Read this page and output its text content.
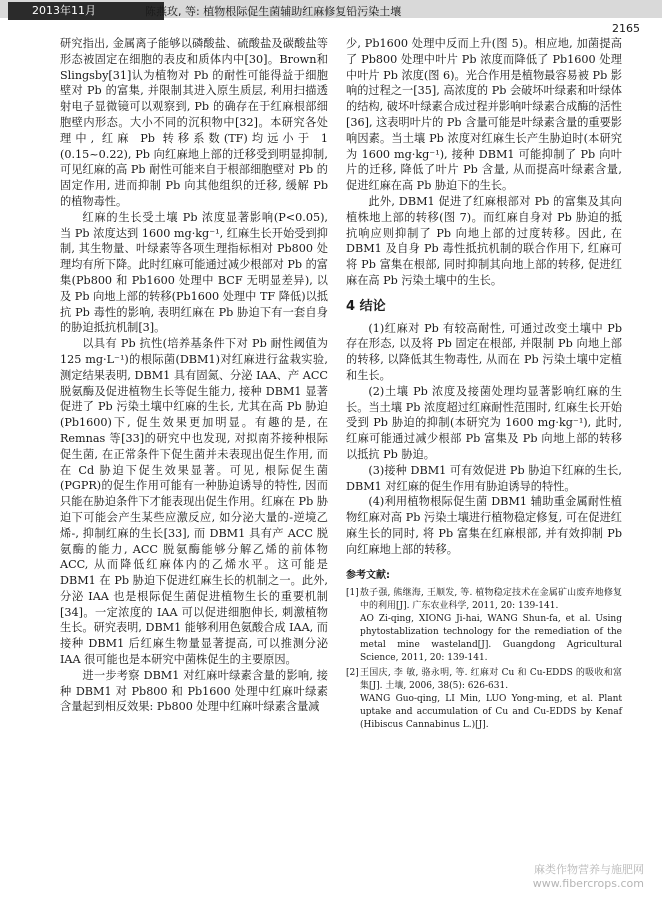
2013年11月	陈燕玫, 等: 植物根际促生菌辅助红麻修复铅污染土壤
2165

研究指出, 金属离子能够以磷酸盐、硫酸盐及碳酸盐等形态被固定在细胞的表皮和质体内中[30]。Brown和 Slingsby[31]认为植物对 Pb 的耐性可能得益于细胞壁对 Pb 的富集, 并限制其进入原生质层, 利用扫描透射电子显微镜可以观察到, Pb 的确存在于红麻根部细胞壁内形态。大小不同的沉积物中[32]。本研究各处理中, 红麻 Pb 转移系数(TF)均远小于 1 (0.15~0.22), Pb 向红麻地上部的迁移受到明显抑制, 可见红麻的高 Pb 耐性可能来自于根部细胞壁对 Pb 的固定作用, 进而抑制 Pb 向其他组织的迁移, 缓解 Pb 的植物毒性。

红麻的生长受土壤 Pb 浓度显著影响(P<0.05), 当 Pb 浓度达到 1600 mg·kg⁻¹, 红麻生长开始受到抑制, 其生物量、叶绿素等各项生理指标相对 Pb800 处理均有所下降。此时红麻可能通过减少根部对 Pb 的富集(Pb800 和 Pb1600 处理中 BCF 无明显差异), 以及 Pb 向地上部的转移(Pb1600 处理中 TF 降低)以抵抗 Pb 毒性的影响, 表明红麻在 Pb 胁迫下有一套自身的胁迫抵抗机制[3]。

以具有 Pb 抗性(培养基条件下对 Pb 耐性阈值为 125 mg·L⁻¹)的根际菌(DBM1)对红麻进行盆栽实验, 测定结果表明, DBM1 具有固氮、分泌 IAA、产 ACC 脱氨酶及促进植物生长等促生能力, 接种 DBM1 显著促进了 Pb 污染土壤中红麻的生长, 尤其在高 Pb 胁迫(Pb1600)下, 促生效果更加明显。有趣的是, 在 Remnas 等[33]的研究中也发现, 对拟南芥接种根际促生菌, 在正常条件下促生菌并未表现出促生作用, 而在 Cd 胁迫下促生效果显著。可见, 根际促生菌(PGPR)的促生作用可能有一种胁迫诱导的特性, 因而只能在胁迫条件下才能表现出促生作用。红麻在 Pb 胁迫下可能会产生某些应激反应, 如分泌大量的-逆境乙烯-, 抑制红麻的生长[33], 而 DBM1 具有产 ACC 脱氨酶的能力, ACC 脱氨酶能够分解乙烯的前体物 ACC, 从而降低红麻体内的乙烯水平。这可能是 DBM1 在 Pb 胁迫下促进红麻生长的机制之一。此外, 分泌 IAA 也是根际促生菌促进植物生长的重要机制[34]。一定浓度的 IAA 可以促进细胞伸长, 刺激植物生长。研究表明, DBM1 能够利用色氨酸合成 IAA, 而接种 DBM1 后红麻生物量显著提高, 可以推测分泌 IAA 很可能也是本研究中菌株促生的主要原因。

进一步考察 DBM1 对红麻叶绿素含量的影响, 接种 DBM1 对 Pb800 和 Pb1600 处理中红麻叶绿素含量起到相反效果: Pb800 处理中红麻叶绿素含量减

少, Pb1600 处理中反而上升(图 5)。相应地, 加菌提高了 Pb800 处理中叶片 Pb 浓度而降低了 Pb1600 处理中叶片 Pb 浓度(图 6)。光合作用是植物最容易被 Pb 影响的过程之一[35], 高浓度的 Pb 会破坏叶绿素和叶绿体的结构, 破坏叶绿素合成过程并影响叶绿素合成酶的活性[36], 这表明叶片的 Pb 含量可能是叶绿素含量的重要影响因素。当土壤 Pb 浓度对红麻生长产生胁迫时(本研究为 1600 mg·kg⁻¹), 接种 DBM1 可能抑制了 Pb 向叶片的迁移, 降低了叶片 Pb 含量, 从而提高叶绿素含量, 促进红麻在高 Pb 胁迫下的生长。

此外, DBM1 促进了红麻根部对 Pb 的富集及其向植株地上部的转移(图 7)。而红麻自身对 Pb 胁迫的抵抗响应则抑制了 Pb 向地上部的过度转移。因此, 在 DBM1 及自身 Pb 毒性抵抗机制的联合作用下, 红麻可将 Pb 富集在根部, 同时抑制其向地上部的转移, 促进红麻在高 Pb 污染土壤中的生长。

4 结论

(1)红麻对 Pb 有较高耐性, 可通过改变土壤中 Pb 存在形态, 以及将 Pb 固定在根部, 并限制 Pb 向地上部的转移, 以降低其生物毒性, 从而在 Pb 污染土壤中定植和生长。

(2)土壤 Pb 浓度及接菌处理均显著影响红麻的生长。当土壤 Pb 浓度超过红麻耐性范围时, 红麻生长开始受到 Pb 胁迫的抑制(本研究为 1600 mg·kg⁻¹), 此时, 红麻可能通过减少根部 Pb 富集及 Pb 向地上部的转移以抵抗 Pb 胁迫。

(3)接种 DBM1 可有效促进 Pb 胁迫下红麻的生长, DBM1 对红麻的促生作用有胁迫诱导的特性。

(4)利用植物根际促生菌 DBM1 辅助重金属耐性植物红麻对高 Pb 污染土壤进行植物稳定修复, 可在促进红麻生长的同时, 将 Pb 富集在红麻根部, 并有效抑制 Pb 向红麻地上部的转移。

参考文献:
[1] 敖子强, 熊继海, 王顺发, 等. 植物稳定技术在金属矿山废弃地修复中的利用[J]. 广东农业科学, 2011, 20: 139-141.
AO Zi-qing, XIONG Ji-hai, WANG Shun-fa, et al. Using phytostablization technology for the remediation of the metal mine wasteland[J]. Guangdong Agricultural Science, 2011, 20: 139-141.
[2] 王国庆, 李 敏, 骆永明, 等. 红麻对 Cu 和 Cu-EDDS 的吸收和富集[J]. 土壤, 2006, 38(5): 626-631.
WANG Guo-qing, LI Min, LUO Yong-ming, et al. Plant uptake and accumulation of Cu and Cu-EDDS by Kenaf (Hibiscus Cannabinus L.)[J].
麻类作物营养与施肥网
www.fibercrops.com
